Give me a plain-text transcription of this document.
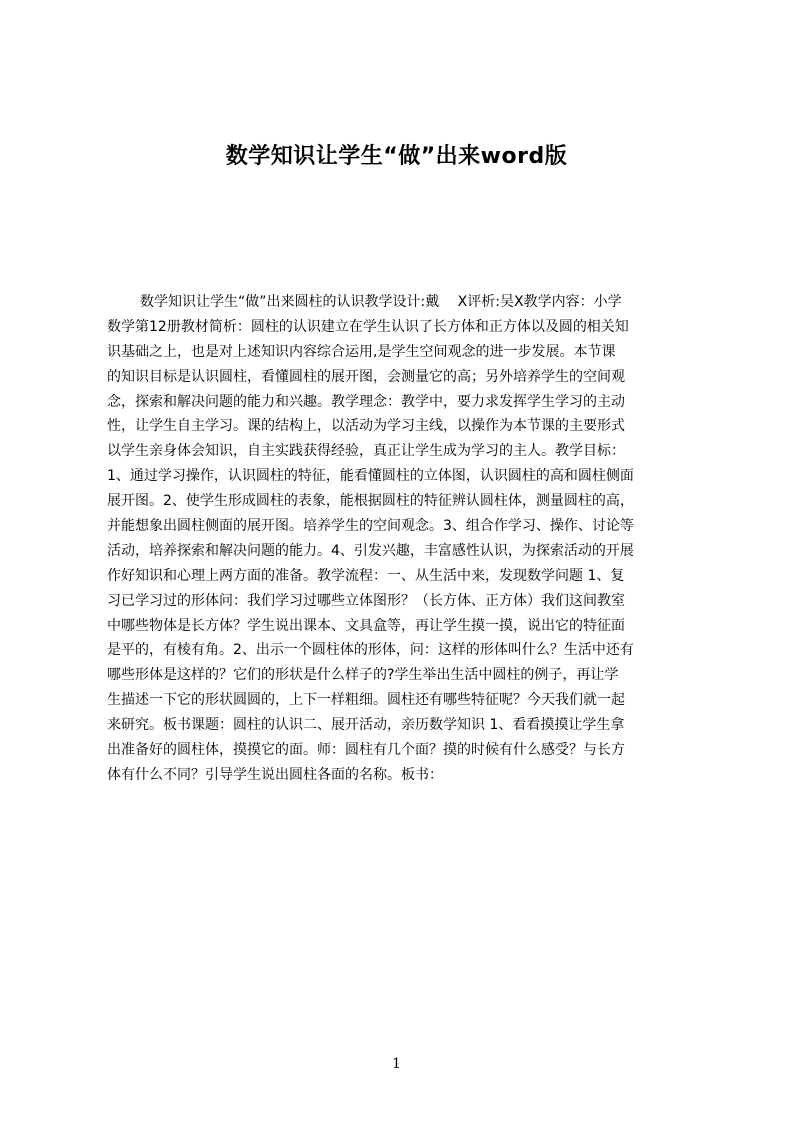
数学知识让学生“做”出来word版
数学知识让学生“做”出来圆柱的认识教学设计:戴　 X评析:吴X教学内容：小学
数学第12册教材简析：圆柱的认识建立在学生认识了长方体和正方体以及圆的相关知
识基础之上，也是对上述知识内容综合运用,是学生空间观念的进一步发展。本节课
的知识目标是认识圆柱，看懂圆柱的展开图，会测量它的高；另外培养学生的空间观
念，探索和解决问题的能力和兴趣。教学理念：教学中，要力求发挥学生学习的主动
性，让学生自主学习。课的结构上，以活动为学习主线，以操作为本节课的主要形式
以学生亲身体会知识，自主实践获得经验，真正让学生成为学习的主人。教学目标：
1、通过学习操作，认识圆柱的特征，能看懂圆柱的立体图，认识圆柱的高和圆柱侧面
展开图。2、使学生形成圆柱的表象，能根据圆柱的特征辨认圆柱体，测量圆柱的高，
并能想象出圆柱侧面的展开图。培养学生的空间观念。3、组合作学习、操作、讨论等
活动，培养探索和解决问题的能力。4、引发兴趣，丰富感性认识，为探索活动的开展
作好知识和心理上两方面的准备。教学流程：一、从生活中来，发现数学问题 1、复
习已学习过的形体问：我们学习过哪些立体图形？（长方体、正方体）我们这间教室
中哪些物体是长方体？学生说出课本、文具盒等，再让学生摸一摸，说出它的特征面
是平的，有棱有角。2、出示一个圆柱体的形体，问：这样的形体叫什么？生活中还有
哪些形体是这样的？它们的形状是什么样子的?学生举出生活中圆柱的例子，再让学
生描述一下它的形状圆圆的，上下一样粗细。圆柱还有哪些特征呢？今天我们就一起
来研究。板书课题：圆柱的认识二、展开活动，亲历数学知识 1、看看摸摸让学生拿
出准备好的圆柱体，摸摸它的面。师：圆柱有几个面？摸的时候有什么感受？与长方
体有什么不同？引导学生说出圆柱各面的名称。板书：
1
